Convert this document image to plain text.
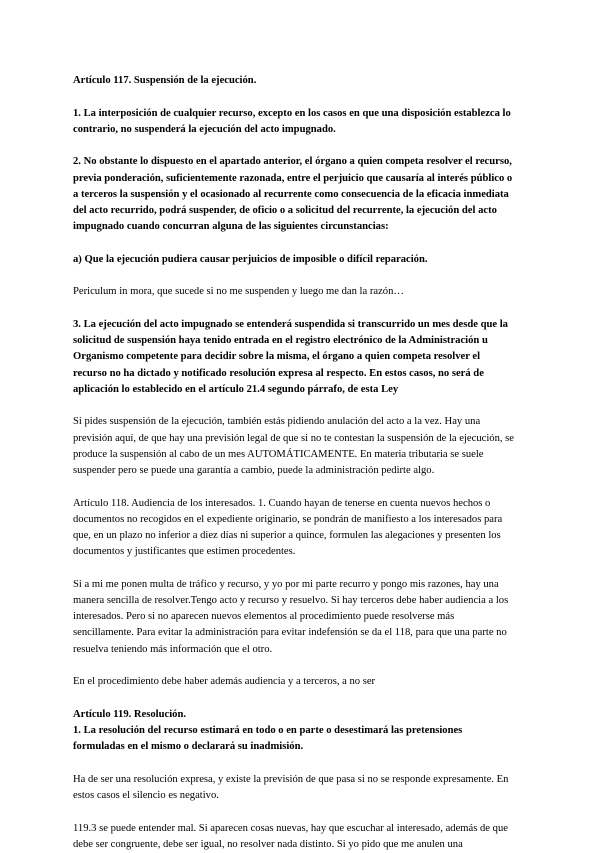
Artículo 117. Suspensión de la ejecución.

1. La interposición de cualquier recurso, excepto en los casos en que una disposición establezca lo contrario, no suspenderá la ejecución del acto impugnado.

2. No obstante lo dispuesto en el apartado anterior, el órgano a quien competa resolver el recurso, previa ponderación, suficientemente razonada, entre el perjuicio que causaría al interés público o a terceros la suspensión y el ocasionado al recurrente como consecuencia de la eficacia inmediata del acto recurrido, podrá suspender, de oficio o a solicitud del recurrente, la ejecución del acto impugnado cuando concurran alguna de las siguientes circunstancias:

a) Que la ejecución pudiera causar perjuicios de imposible o difícil reparación.

Periculum in mora, que sucede si no me suspenden y luego me dan la razón…

3. La ejecución del acto impugnado se entenderá suspendida si transcurrido un mes desde que la solicitud de suspensión haya tenido entrada en el registro electrónico de la Administración u Organismo competente para decidir sobre la misma, el órgano a quien competa resolver el recurso no ha dictado y notificado resolución expresa al respecto. En estos casos, no será de aplicación lo establecido en el artículo 21.4 segundo párrafo, de esta Ley

Si pides suspensión de la ejecución, también estás pidiendo anulación del acto a la vez. Hay una previsión aquí, de que hay una previsión legal de que si no te contestan la suspensión de la ejecución, se produce la suspensión al cabo de un mes AUTOMÁTICAMENTE. En materia tributaria se suele suspender pero se puede una garantía a cambio, puede la administración pedirte algo.

Artículo 118. Audiencia de los interesados. 1. Cuando hayan de tenerse en cuenta nuevos hechos o documentos no recogidos en el expediente originario, se pondrán de manifiesto a los interesados para que, en un plazo no inferior a diez días ni superior a quince, formulen las alegaciones y presenten los documentos y justificantes que estimen procedentes.

Si a mi me ponen multa de tráfico y recurso, y yo por mi parte recurro y pongo mis razones, hay una manera sencilla de resolver.Tengo acto y recurso y resuelvo. Si hay terceros debe haber audiencia a los interesados. Pero si no aparecen nuevos elementos al procedimiento puede resolverse más sencillamente. Para evitar la administración para evitar indefensión se da el 118, para que una parte no resuelva teniendo más información que el otro.

En el procedimiento debe haber además audiencia y a terceros, a no ser

Artículo 119. Resolución.

1. La resolución del recurso estimará en todo o en parte o desestimará las pretensiones formuladas en el mismo o declarará su inadmisión.

Ha de ser una resolución expresa, y existe la previsión de que pasa si no se responde expresamente. En estos casos el silencio es negativo.

119.3 se puede entender mal. Si aparecen cosas nuevas, hay que escuchar al interesado, además de que debe ser congruente, debe ser igual, no resolver nada distinto. Si yo pido que me anulen una
